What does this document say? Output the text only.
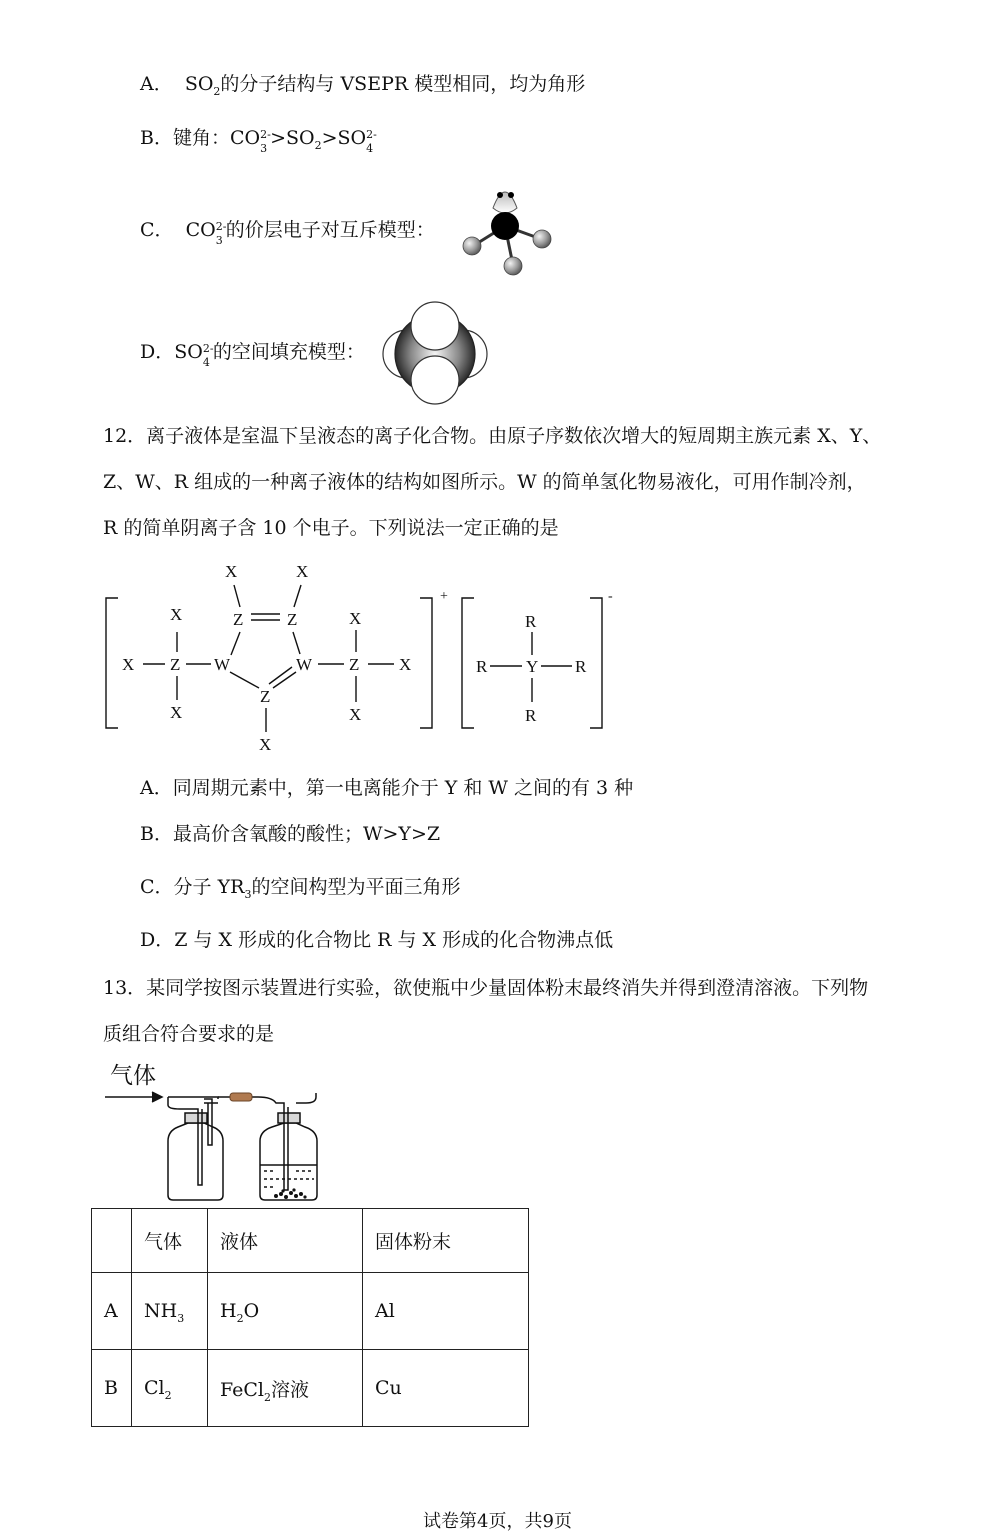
A． $SO_2$的分子结构与 VSEPR 模型相同，均为角形
B．键角：CO 2-
$3 >SO_2>SO$ 2-
4
C． CO 2-
3 的价层电子对互斥模型：
D．SO 2-
4 的空间填充模型：
12．离子液体是室温下呈液态的离子化合物。由原子序数依次增大的短周期主族元素 X、Y、
Z、W、R 组成的一种离子液体的结构如图所示。W 的简单氢化物易液化，可用作制冷剂，
R 的简单阴离子含 10 个电子。下列说法一定正确的是
X
X
X
Z W
Z	Z
W
Z
X	X
X
Z
X
X
X
R
R Y R
R
+	-
A．同周期元素中，第一电离能介于 Y 和 W 之间的有 3 种
B．最高价含氧酸的酸性；W>Y>Z
C．分子 $YR_3$的空间构型为平面三角形
D．Z 与 X 形成的化合物比 R 与 X 形成的化合物沸点低
13．某同学按图示装置进行实验，欲使瓶中少量固体粉末最终消失并得到澄清溶液。下列物
质组合符合要求的是
气体
	气体	液体	固体粉末
A	$NH_3$	$H_2O$	Al
B	$Cl_2$	FeCl$_2$溶液	Cu
试卷第4页，共9页
